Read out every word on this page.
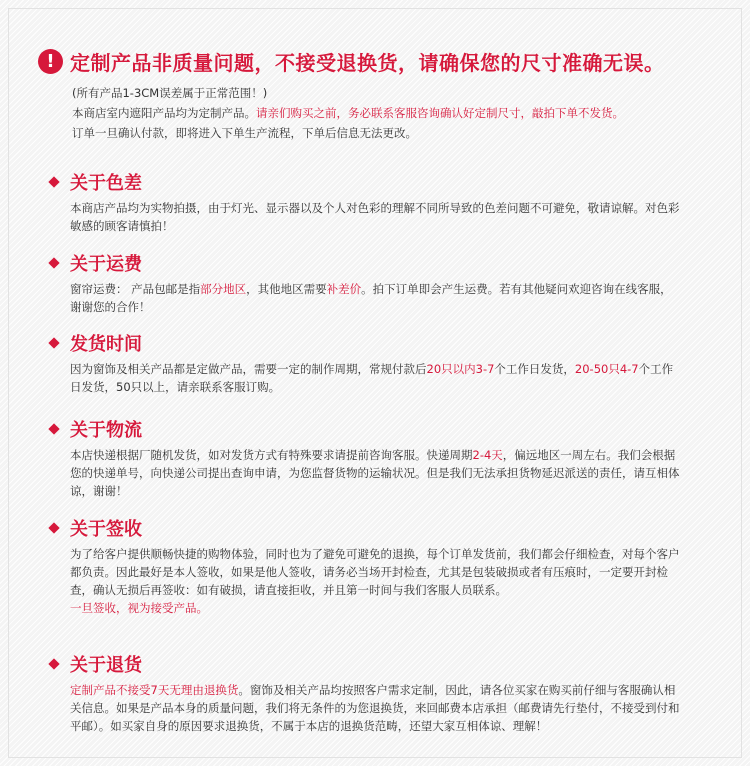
! 定制产品非质量问题，不接受退换货，请确保您的尺寸准确无误。
(所有产品1-3CM误差属于正常范围！)
本商店室内遮阳产品均为定制产品。请亲们购买之前，务必联系客服咨询确认好定制尺寸，敲拍下单不发货。
订单一旦确认付款，即将进入下单生产流程，下单后信息无法更改。
关于色差
本商店产品均为实物拍摄，由于灯光、显示器以及个人对色彩的理解不同所导致的色差问题不可避免，敬请谅解。对色彩敏感的顾客请慎拍！
关于运费
窗帘运费： 产品包邮是指部分地区，其他地区需要补差价。拍下订单即会产生运费。若有其他疑问欢迎咨询在线客服，谢谢您的合作！
发货时间
因为窗饰及相关产品都是定做产品，需要一定的制作周期，常规付款后20只以内3-7个工作日发货，20-50只4-7个工作日发货，50只以上，请亲联系客服订购。
关于物流
本店快递根据厂随机发货，如对发货方式有特殊要求请提前咨询客服。快递周期2-4天，偏远地区一周左右。我们会根据您的快递单号，向快递公司提出查询申请，为您监督货物的运输状况。但是我们无法承担货物延迟派送的责任，请互相体谅，谢谢！
关于签收
为了给客户提供顺畅快捷的购物体验，同时也为了避免可避免的退换，每个订单发货前，我们都会仔细检查，对每个客户都负责。因此最好是本人签收，如果是他人签收，请务必当场开封检查，尤其是包装破损或者有压痕时，一定要开封检查，确认无损后再签收：如有破损，请直接拒收，并且第一时间与我们客服人员联系。
一旦签收，视为接受产品。
关于退货
定制产品不接受7天无理由退换货。窗饰及相关产品均按照客户需求定制，因此，请各位买家在购买前仔细与客服确认相关信息。如果是产品本身的质量问题，我们将无条件的为您退换货，来回邮费本店承担（邮费请先行垫付，不接受到付和平邮）。如买家自身的原因要求退换货，不属于本店的退换货范畴，还望大家互相体谅、理解！
